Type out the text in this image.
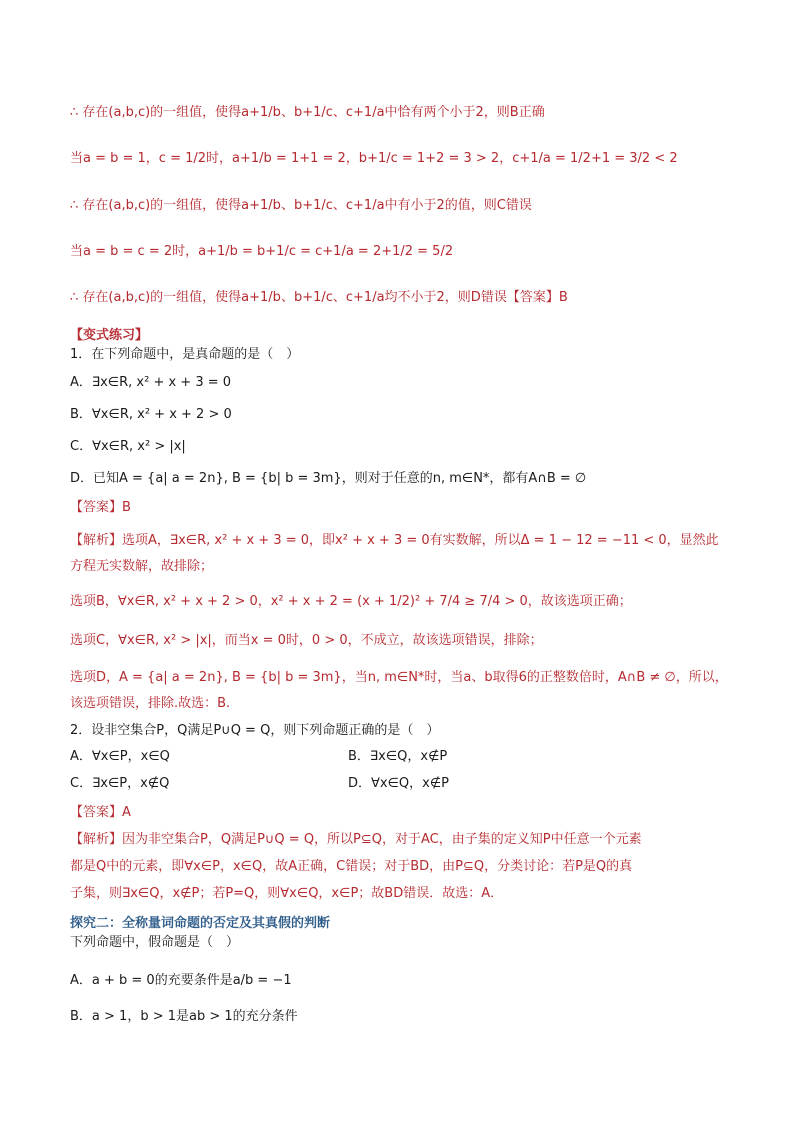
∴ 存在(a,b,c)的一组值，使得a+1/b、b+1/c、c+1/a中恰有两个小于2，则B正确
当a = b = 1，c = 1/2时，a+1/b = 1+1 = 2，b+1/c = 1+2 = 3 > 2，c+1/a = 1/2+1 = 3/2 < 2
∴ 存在(a,b,c)的一组值，使得a+1/b、b+1/c、c+1/a中有小于2的值，则C错误
当a = b = c = 2时，a+1/b = b+1/c = c+1/a = 2+1/2 = 5/2
∴ 存在(a,b,c)的一组值，使得a+1/b、b+1/c、c+1/a均不小于2，则D错误【答案】B
【变式练习】
1．在下列命题中，是真命题的是（　）
A．∃x∈R, x² + x + 3 = 0
B．∀x∈R, x² + x + 2 > 0
C．∀x∈R, x² > |x|
D．已知A = {a| a = 2n}, B = {b| b = 3m}，则对于任意的n, m∈N*，都有A∩B = ∅
【答案】B
【解析】选项A，∃x∈R, x² + x + 3 = 0，即x² + x + 3 = 0有实数解，所以Δ = 1 − 12 = −11 < 0，显然此方程无实数解，故排除；
选项B，∀x∈R, x² + x + 2 > 0，x² + x + 2 = (x + 1/2)² + 7/4 ≥ 7/4 > 0，故该选项正确；
选项C，∀x∈R, x² > |x|，而当x = 0时，0 > 0，不成立，故该选项错误，排除；
选项D，A = {a| a = 2n}, B = {b| b = 3m}，当n, m∈N*时，当a、b取得6的正整数倍时，A∩B ≠ ∅，所以，该选项错误，排除.故选：B.
2．设非空集合P，Q满足P∪Q = Q，则下列命题正确的是（　）
A．∀x∈P，x∈Q	B．∃x∈Q，x∉P
C．∃x∈P，x∉Q	D．∀x∈Q，x∉P
【答案】A
【解析】因为非空集合P，Q满足P∪Q = Q，所以P⊆Q，对于AC，由子集的定义知P中任意一个元素
都是Q中的元素，即∀x∈P，x∈Q，故A正确，C错误；对于BD，由P⊆Q，分类讨论：若P是Q的真
子集，则∃x∈Q，x∉P；若P=Q，则∀x∈Q，x∈P；故BD错误．故选：A．
探究二：全称量词命题的否定及其真假的判断
下列命题中，假命题是（　）
A．a + b = 0的充要条件是a/b = −1
B．a > 1，b > 1是ab > 1的充分条件
